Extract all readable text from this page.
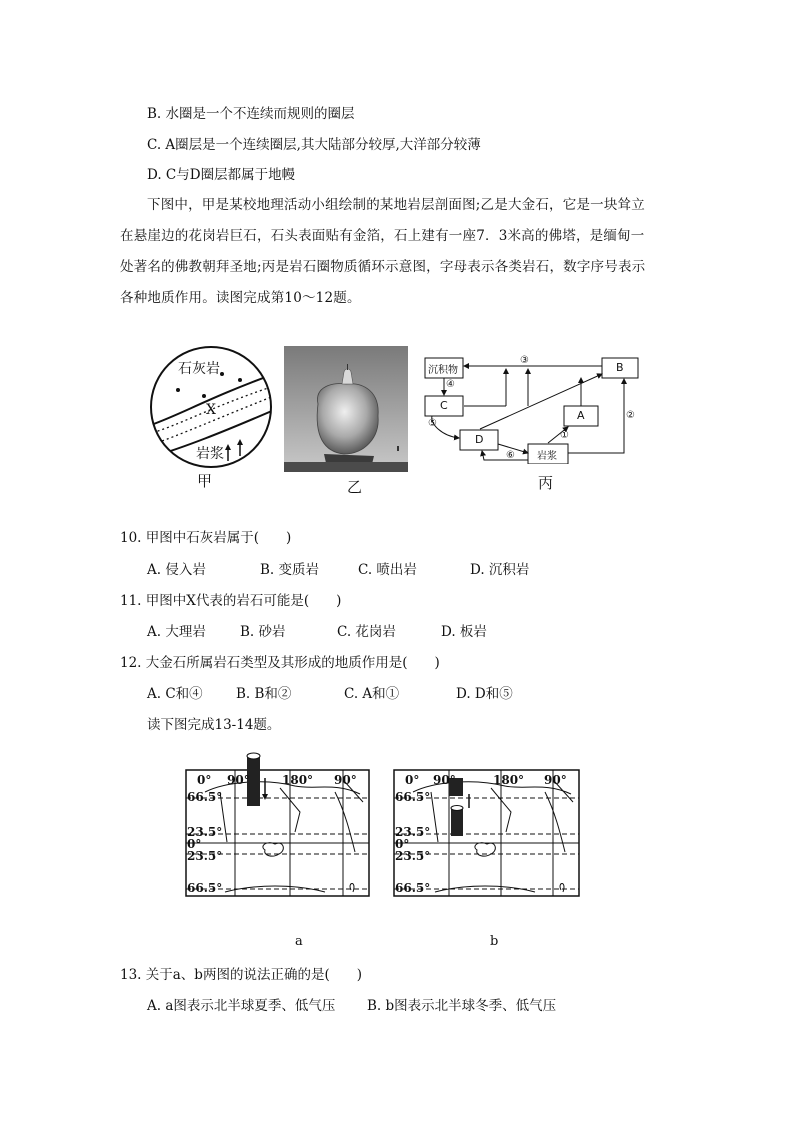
B. 水圈是一个不连续而规则的圈层
C. A圈层是一个连续圈层,其大陆部分较厚,大洋部分较薄
D. C与D圈层都属于地幔
下图中，甲是某校地理活动小组绘制的某地岩层剖面图;乙是大金石，它是一块耸立在悬崖边的花岗岩巨石，石头表面贴有金箔，石上建有一座7．3米高的佛塔，是缅甸一处著名的佛教朝拜圣地;丙是岩石圈物质循环示意图，字母表示各类岩石，数字序号表示各种地质作用。读图完成第10～12题。
石灰岩
X
岩浆
甲	乙
沉积物	B
C
A
D
岩浆
③
④
⑤
⑥
①
②
丙
10. 甲图中石灰岩属于(　　)
A. 侵入岩	B. 变质岩	C. 喷出岩	D. 沉积岩
11. 甲图中X代表的岩石可能是(　　)
A. 大理岩	B. 砂岩	C. 花岗岩	D. 板岩
12. 大金石所属岩石类型及其形成的地质作用是(　　)
A. C和④ B. B和②	C. A和①	D. D和⑤
读下图完成13-14题。
0° 90°	180° 90°
66.5°
23.5°
0°
23.5°
66.5°
a
0° 90°	180° 90°
66.5°
23.5°
0°
23.5°
66.5°
b
13. 关于a、b两图的说法正确的是(　　)
A. a图表示北半球夏季、低气压 B. b图表示北半球冬季、低气压
